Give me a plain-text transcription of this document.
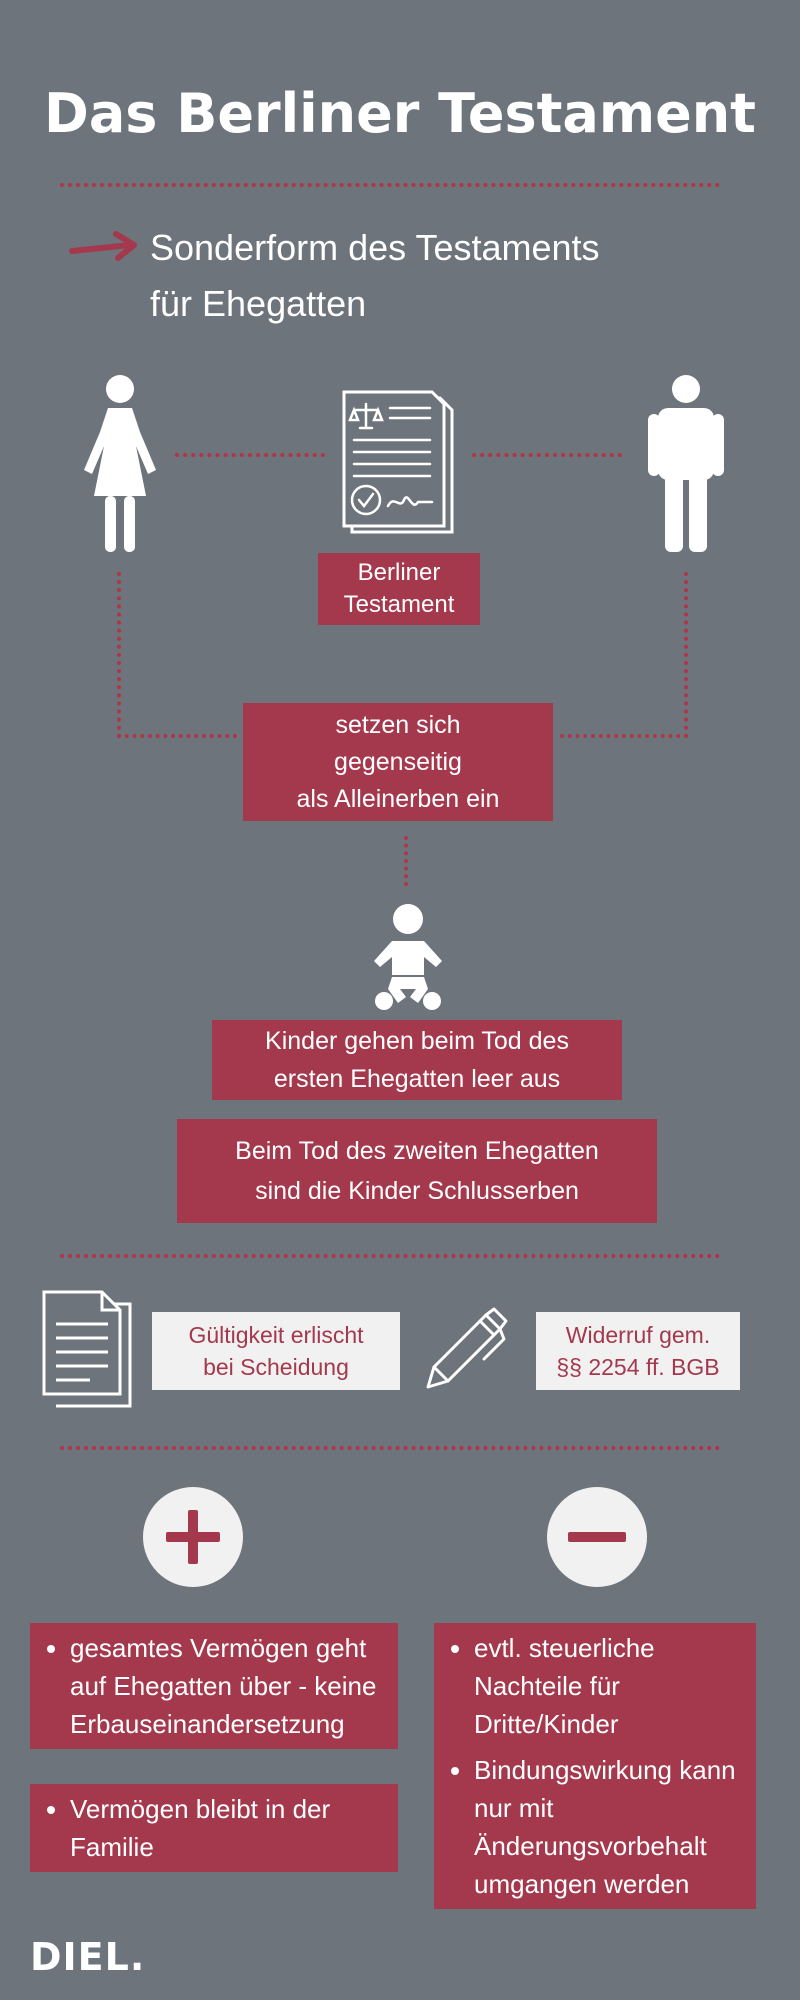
Das Berliner Testament
Sonderform des Testaments
für Ehegatten
Berliner
Testament
setzen sich
gegenseitig
als Alleinerben ein
Kinder gehen beim Tod des
ersten Ehegatten leer aus
Beim Tod des zweiten Ehegatten
sind die Kinder Schlusserben
Gültigkeit erlischt
bei Scheidung
Widerruf gem.
§§ 2254 ff. BGB
• gesamtes Vermögen geht auf Ehegatten über - keine Erbauseinandersetzung
• Vermögen bleibt in der Familie
• evtl. steuerliche Nachteile für Dritte/Kinder
• Bindungswirkung kann nur mit Änderungsvorbehalt umgangen werden
DIEL.
